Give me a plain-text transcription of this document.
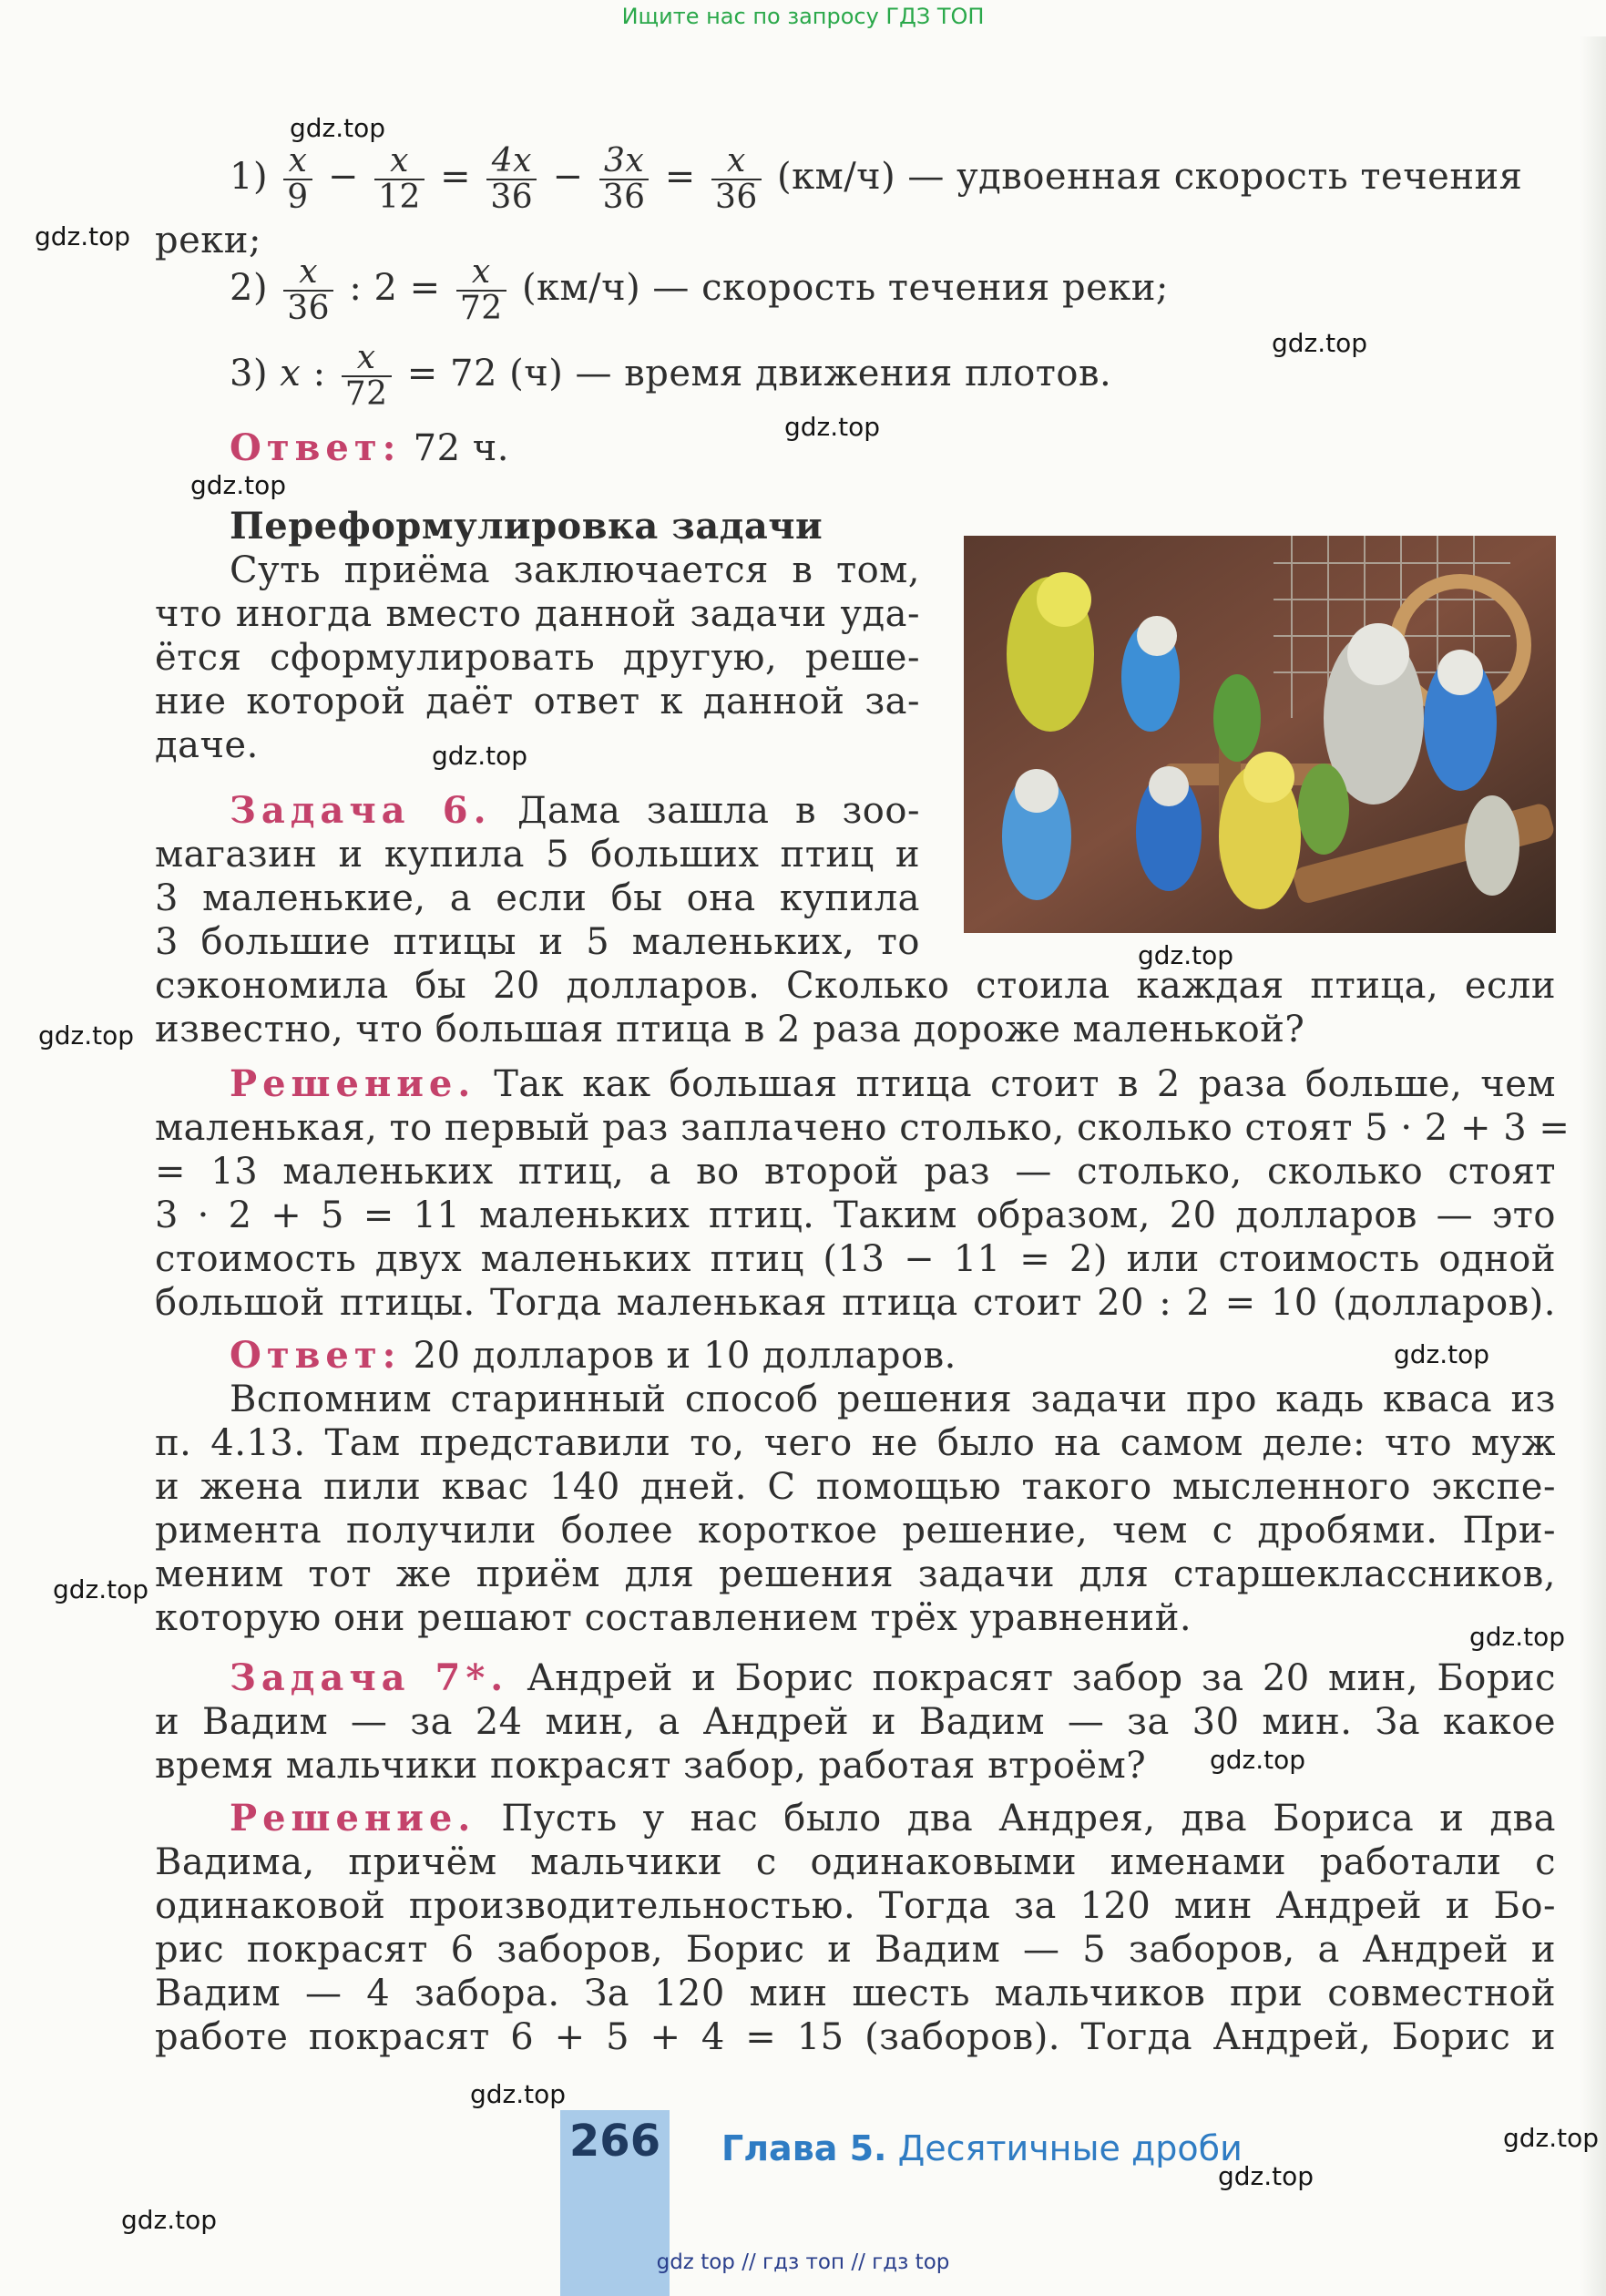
Ищите нас по запросу ГДЗ ТОП
$1) \frac{x}{9} - \frac{x}{12} = \frac{4x}{36} - \frac{3x}{36} = \frac{x}{36} (км/ч)$ — удвоенная скорость течения
реки;
$2) \frac{x}{36}$ : $2 = \frac{x}{72} (км/ч)$ — скорость течения реки;
3) x : $\frac{x}{72} = 72$ (ч) — время движения плотов.
Ответ: 72 ч.
Переформулировка задачи
Суть приёма заключается в том,
что иногда вместо данной задачи уда-
ётся сформулировать другую, реше-
ние которой даёт ответ к данной за-
даче.
Задача 6. Дама зашла в зоо-
магазин и купила 5 больших птиц и
3 маленькие, а если бы она купила
3 большие птицы и 5 маленьких, то
сэкономила бы 20 долларов. Сколько стоила каждая птица, если
известно, что большая птица в 2 раза дороже маленькой?
Решение. Так как большая птица стоит в 2 раза больше, чем
маленькая, то первый раз заплачено столько, сколько стоят 5 · 2 + 3 =
= 13 маленьких птиц, а во второй раз — столько, сколько стоят
3 · 2 + 5 = 11 маленьких птиц. Таким образом, 20 долларов — это
стоимость двух маленьких птиц (13 − 11 = 2) или стоимость одной
большой птицы. Тогда маленькая птица стоит 20 : 2 = 10 (долларов).
Ответ: 20 долларов и 10 долларов.
Вспомним старинный способ решения задачи про кадь кваса из
п. 4.13. Там представили то, чего не было на самом деле: что муж
и жена пили квас 140 дней. С помощью такого мысленного экспе-
римента получили более короткое решение, чем с дробями. При-
меним тот же приём для решения задачи для старшеклассников,
которую они решают составлением трёх уравнений.
Задача 7*. Андрей и Борис покрасят забор за 20 мин, Борис
и Вадим — за 24 мин, а Андрей и Вадим — за 30 мин. За какое
время мальчики покрасят забор, работая втроём?
Решение. Пусть у нас было два Андрея, два Бориса и два
Вадима, причём мальчики с одинаковыми именами работали с
одинаковой производительностью. Тогда за 120 мин Андрей и Бо-
рис покрасят 6 заборов, Борис и Вадим — 5 заборов, а Андрей и
Вадим — 4 забора. За 120 мин шесть мальчиков при совместной
работе покрасят 6 + 5 + 4 = 15 (заборов). Тогда Андрей, Борис и
266 Глава 5. Десятичные дроби
gdz.top
gdz.top
gdz.top
gdz.top
gdz.top
gdz.top
gdz.top
gdz.top
gdz.top
gdz.top
gdz.top
gdz.top
gdz.top
gdz.top
gdz.top
gdz.top
gdz top // гдз топ // гдз top
